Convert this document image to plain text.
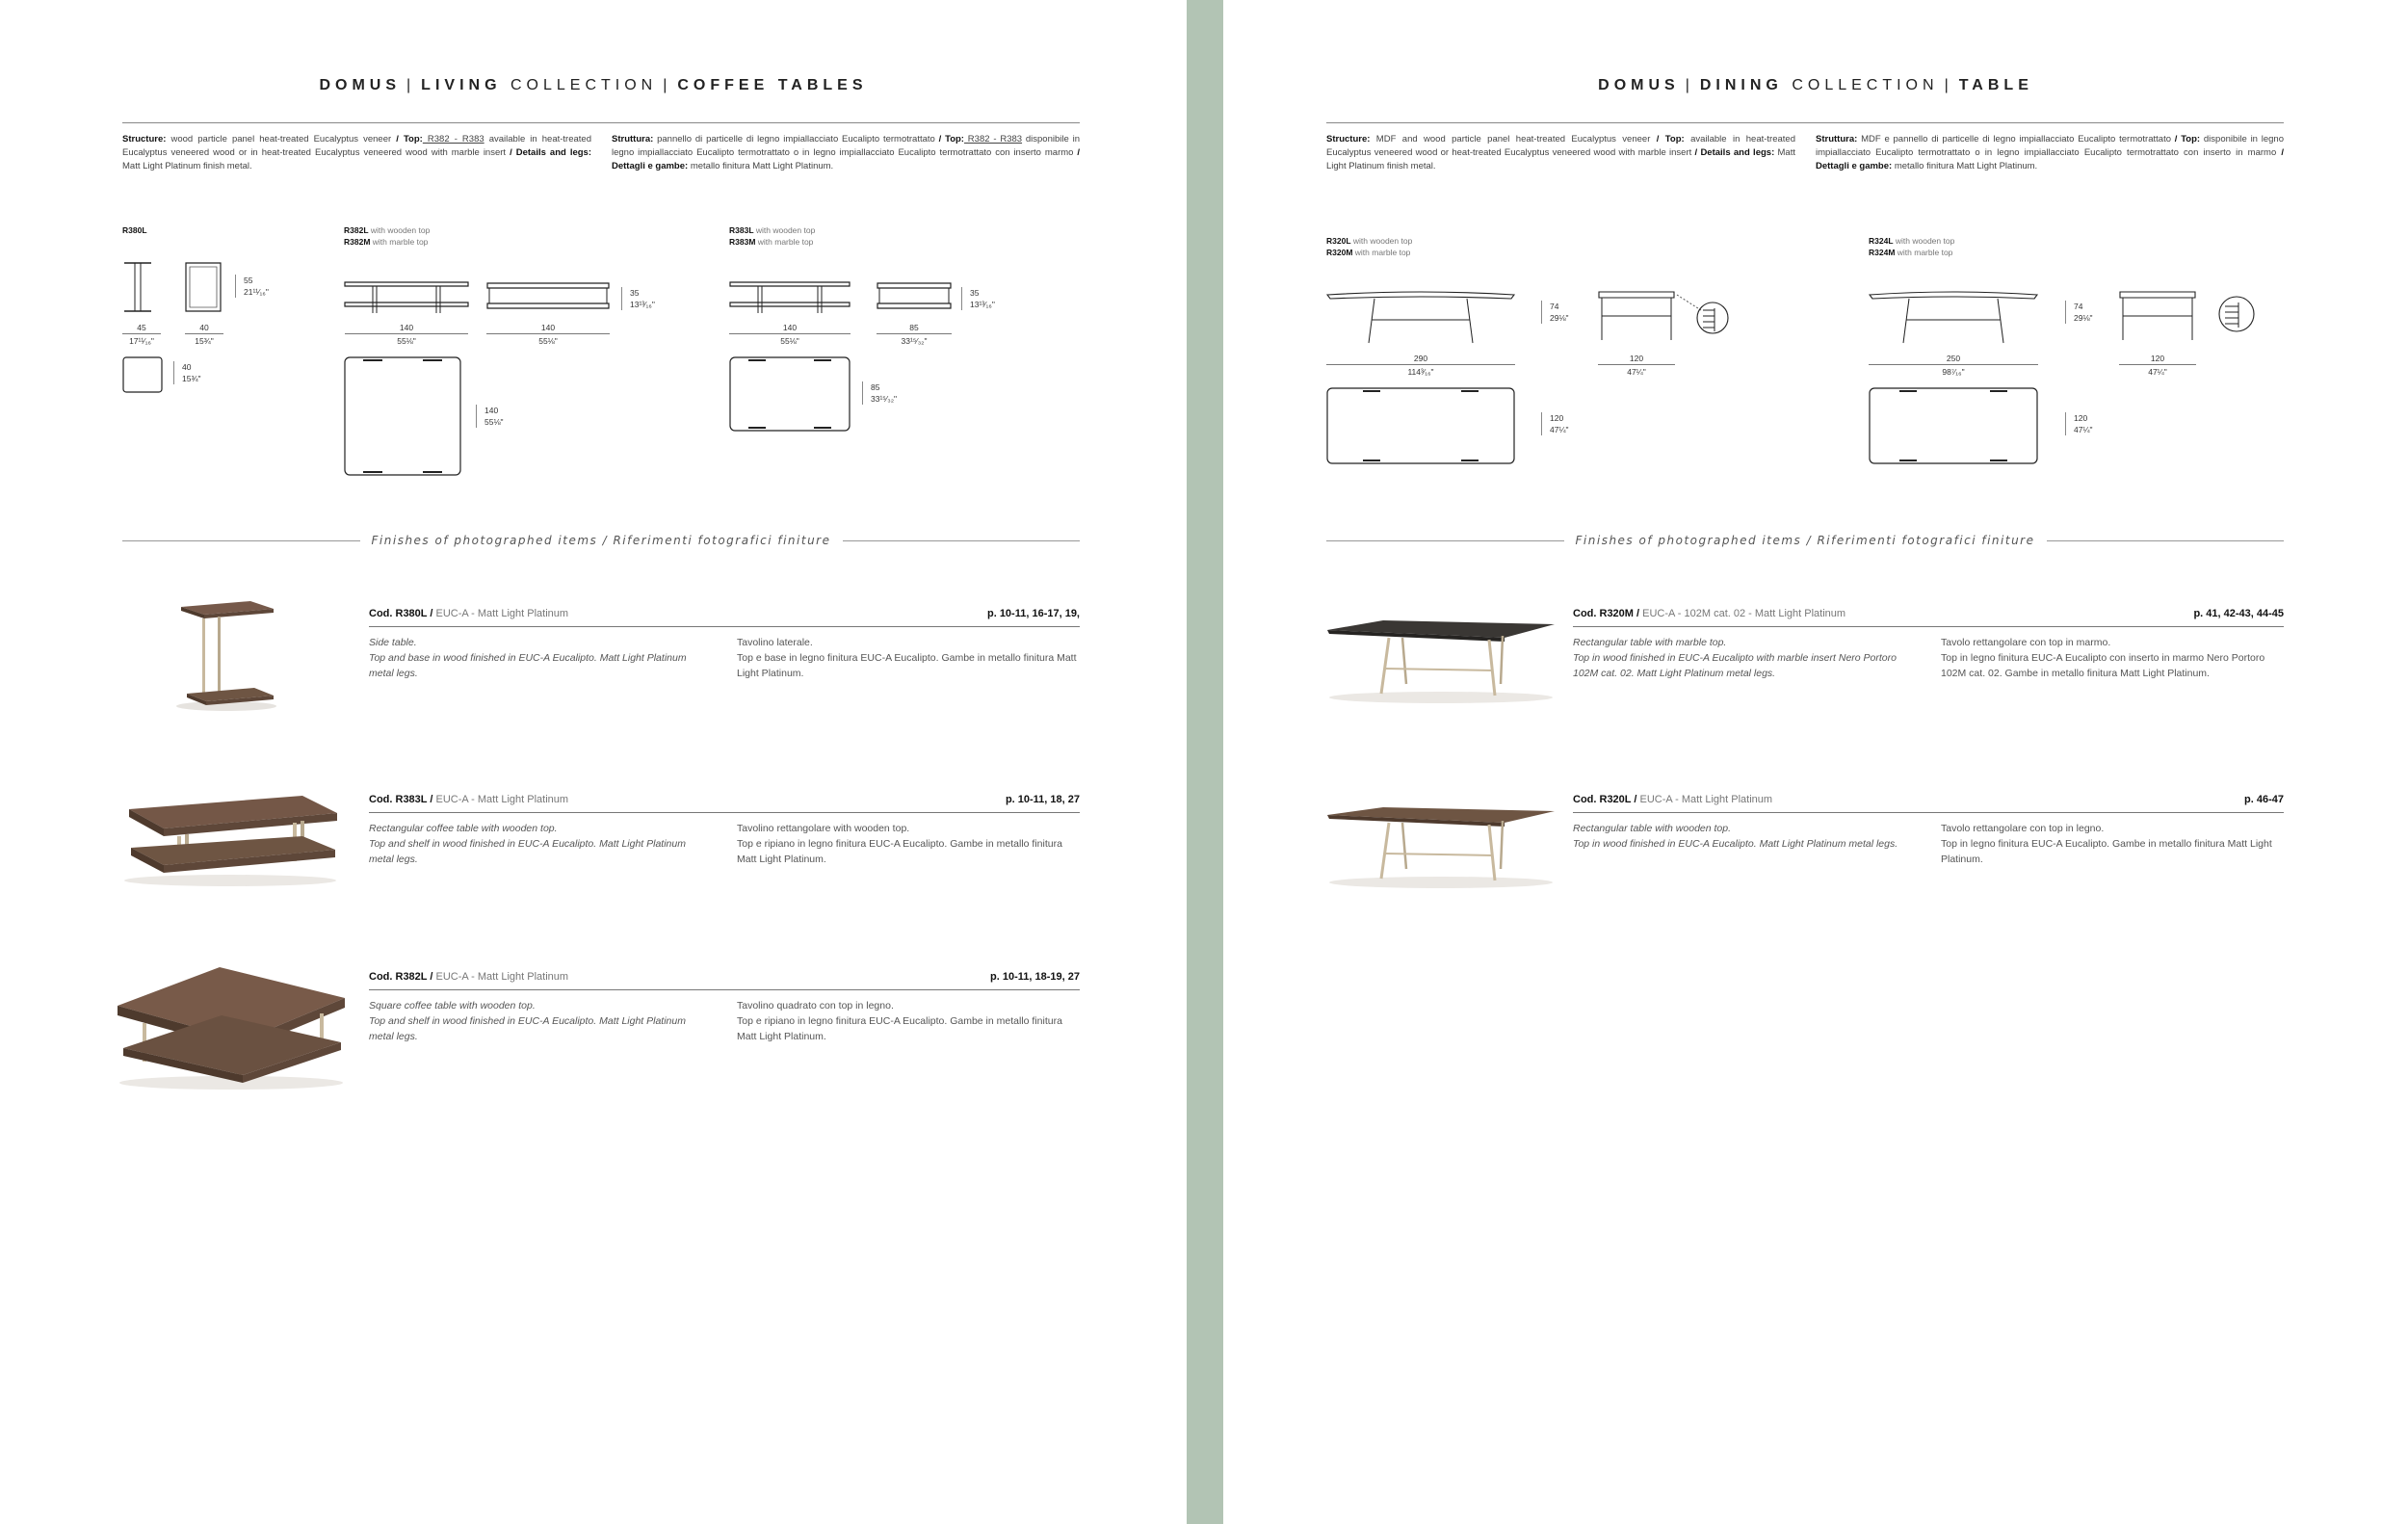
DOMUS | LIVING COLLECTION | COFFEE TABLES
Structure: wood particle panel heat-treated Eucalyptus veneer / Top: R382 - R383 available in heat-treated Eucalyptus veneered wood or in heat-treated Eucalyptus veneered wood with marble insert / Details and legs: Matt Light Platinum finish metal.
Struttura: pannello di particelle di legno impiallacciato Eucalipto termotrattato / Top: R382 - R383 disponibile in legno impiallacciato Eucalipto termotrattato o in legno impiallacciato Eucalipto termotrattato con inserto marmo / Dettagli e gambe: metallo finitura Matt Light Platinum.
R380L
55
21¹¹⁄₁₆"
45
17¹¹⁄₁₆"
40
15¾"
40
15¾"
R382L with wooden top
R382M with marble top
35
13¹³⁄₁₆"
140
55⅛"
140
55⅛"
140
55⅛"
R383L with wooden top
R383M with marble top
35
13¹³⁄₁₆"
140
55⅛"
85
33¹⁵⁄₃₂"
85
33¹⁵⁄₃₂"
Finishes of photographed items / Riferimenti fotografici finiture
Cod. R380L / EUC-A - Matt Light Platinum	p. 10-11, 16-17, 19,
Side table.
Top and base in wood finished in EUC-A Eucalipto. Matt Light Platinum metal legs.
Tavolino laterale.
Top e base in legno finitura EUC-A Eucalipto. Gambe in metallo finitura Matt Light Platinum.
Cod. R383L / EUC-A - Matt Light Platinum	p. 10-11, 18, 27
Rectangular coffee table with wooden top.
Top and shelf in wood finished in EUC-A Eucalipto. Matt Light Platinum metal legs.
Tavolino rettangolare with wooden top.
Top e ripiano in legno finitura EUC-A Eucalipto. Gambe in metallo finitura Matt Light Platinum.
Cod. R382L / EUC-A - Matt Light Platinum	p. 10-11, 18-19, 27
Square coffee table with wooden top.
Top and shelf in wood finished in EUC-A Eucalipto. Matt Light Platinum metal legs.
Tavolino quadrato con top in legno.
Top e ripiano in legno finitura EUC-A Eucalipto. Gambe in metallo finitura Matt Light Platinum.
DOMUS | DINING COLLECTION | TABLE
Structure: MDF and wood particle panel heat-treated Eucalyptus veneer / Top: available in heat-treated Eucalyptus veneered wood or heat-treated Eucalyptus veneered wood with marble insert / Details and legs: Matt Light Platinum finish metal.
Struttura: MDF e pannello di particelle di legno impiallacciato Eucalipto termotrattato / Top: disponibile in legno impiallacciato Eucalipto termotrattato o in legno impiallacciato Eucalipto termotrattato con inserto in marmo / Dettagli e gambe: metallo finitura Matt Light Platinum.
R320L with wooden top
R320M with marble top
74
29⅛"
290
114³⁄₁₆"
120
47¼"
120
47¼"
R324L with wooden top
R324M with marble top
74
29⅛"
250
98⁷⁄₁₆"
120
47¼"
120
47¼"
Finishes of photographed items / Riferimenti fotografici finiture
Cod. R320M / EUC-A - 102M cat. 02 - Matt Light Platinum	p. 41, 42-43, 44-45
Rectangular table with marble top.
Top in wood finished in EUC-A Eucalipto with marble insert Nero Portoro 102M cat. 02. Matt Light Platinum metal legs.
Tavolo rettangolare con top in marmo.
Top in legno finitura EUC-A Eucalipto con inserto in marmo Nero Portoro 102M cat. 02. Gambe in metallo finitura Matt Light Platinum.
Cod. R320L / EUC-A - Matt Light Platinum	p. 46-47
Rectangular table with wooden top.
Top in wood finished in EUC-A Eucalipto. Matt Light Platinum metal legs.
Tavolo rettangolare con top in legno.
Top in legno finitura EUC-A Eucalipto. Gambe in metallo finitura Matt Light Platinum.
